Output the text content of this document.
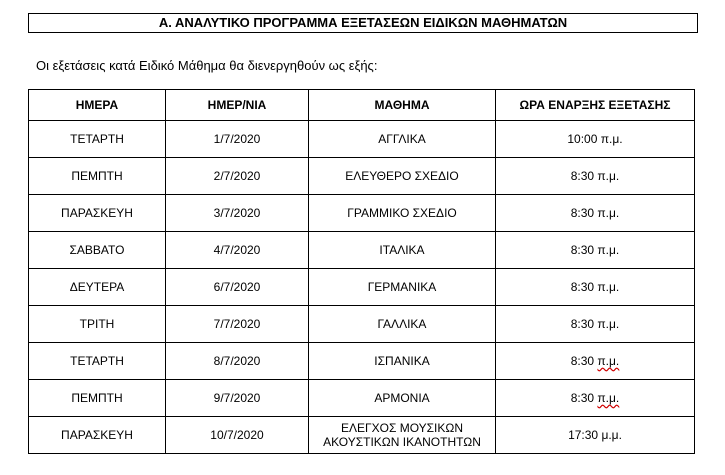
Α. ΑΝΑΛΥΤΙΚΟ ΠΡΟΓΡΑΜΜΑ ΕΞΕΤΑΣΕΩΝ ΕΙΔΙΚΩΝ ΜΑΘΗΜΑΤΩΝ
Οι εξετάσεις κατά Ειδικό Μάθημα θα διενεργηθούν ως εξής:
ΗΜΕΡΑ	ΗΜΕΡ/ΝΙΑ	ΜΑΘΗΜΑ	ΩΡΑ ΕΝΑΡΞΗΣ ΕΞΕΤΑΣΗΣ
ΤΕΤΑΡΤΗ	1/7/2020	ΑΓΓΛΙΚΑ	10:00 π.μ.
ΠΕΜΠΤΗ	2/7/2020	ΕΛΕΥΘΕΡΟ ΣΧΕΔΙΟ	8:30 π.μ.
ΠΑΡΑΣΚΕΥΗ	3/7/2020	ΓΡΑΜΜΙΚΟ ΣΧΕΔΙΟ	8:30 π.μ.
ΣΑΒΒΑΤΟ	4/7/2020	ΙΤΑΛΙΚΑ	8:30 π.μ.
ΔΕΥΤΕΡΑ	6/7/2020	ΓΕΡΜΑΝΙΚΑ	8:30 π.μ.
ΤΡΙΤΗ	7/7/2020	ΓΑΛΛΙΚΑ	8:30 π.μ.
ΤΕΤΑΡΤΗ	8/7/2020	ΙΣΠΑΝΙΚΑ	8:30 π.μ.
ΠΕΜΠΤΗ	9/7/2020	ΑΡΜΟΝΙΑ	8:30 π.μ.
ΠΑΡΑΣΚΕΥΗ	10/7/2020	ΕΛΕΓΧΟΣ ΜΟΥΣΙΚΩΝ ΑΚΟΥΣΤΙΚΩΝ ΙΚΑΝΟΤΗΤΩΝ	17:30 μ.μ.
